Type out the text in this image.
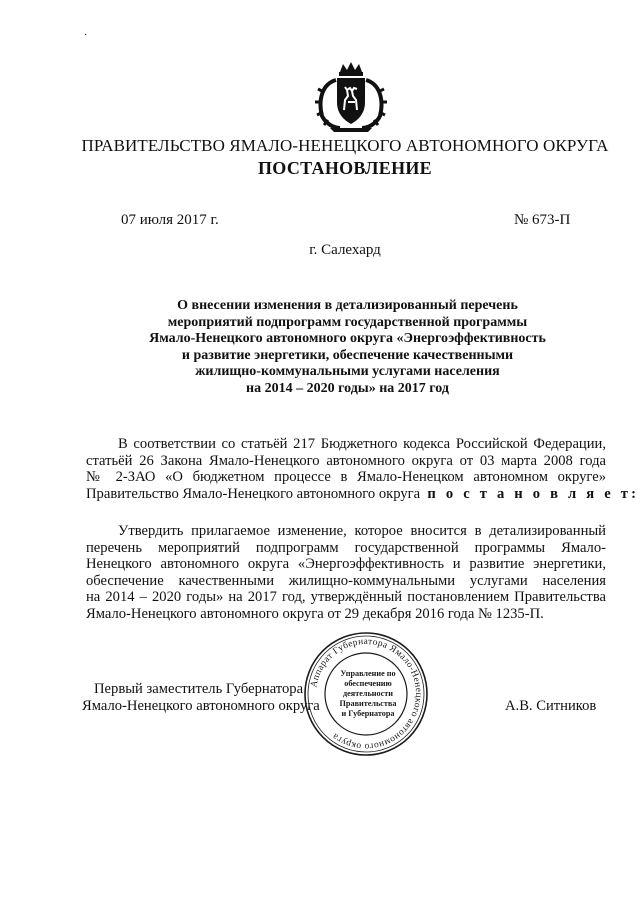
·
ПРАВИТЕЛЬСТВО ЯМАЛО-НЕНЕЦКОГО АВТОНОМНОГО ОКРУГА
ПОСТАНОВЛЕНИЕ
07 июля 2017 г.	№ 673-П
г. Салехард
О внесении изменения в детализированный перечень
мероприятий подпрограмм государственной программы
Ямало-Ненецкого автономного округа «Энергоэффективность
и развитие энергетики, обеспечение качественными
жилищно-коммунальными услугами населения
на 2014 – 2020 годы» на 2017 год
В соответствии со статьёй 217 Бюджетного кодекса Российской Федерации,
статьёй 26 Закона Ямало-Ненецкого автономного округа от 03 марта 2008 года
№ 2-ЗАО «О бюджетном процессе в Ямало-Ненецком автономном округе»
Правительство Ямало-Ненецкого автономного округа п о с т а н о в л я е т:
Утвердить прилагаемое изменение, которое вносится в детализированный
перечень мероприятий подпрограмм государственной программы Ямало-
Ненецкого автономного округа «Энергоэффективность и развитие энергетики,
обеспечение качественными жилищно-коммунальными услугами населения
на 2014 – 2020 годы» на 2017 год, утверждённый постановлением Правительства
Ямало-Ненецкого автономного округа от 29 декабря 2016 года № 1235-П.
Первый заместитель Губернатора
Ямало-Ненецкого автономного округа	А.В. Ситников
Аппарат Губернатора Ямало-Ненецкого автономного округа
Управление по
обеспечению
деятельности
Правительства
и Губернатора
